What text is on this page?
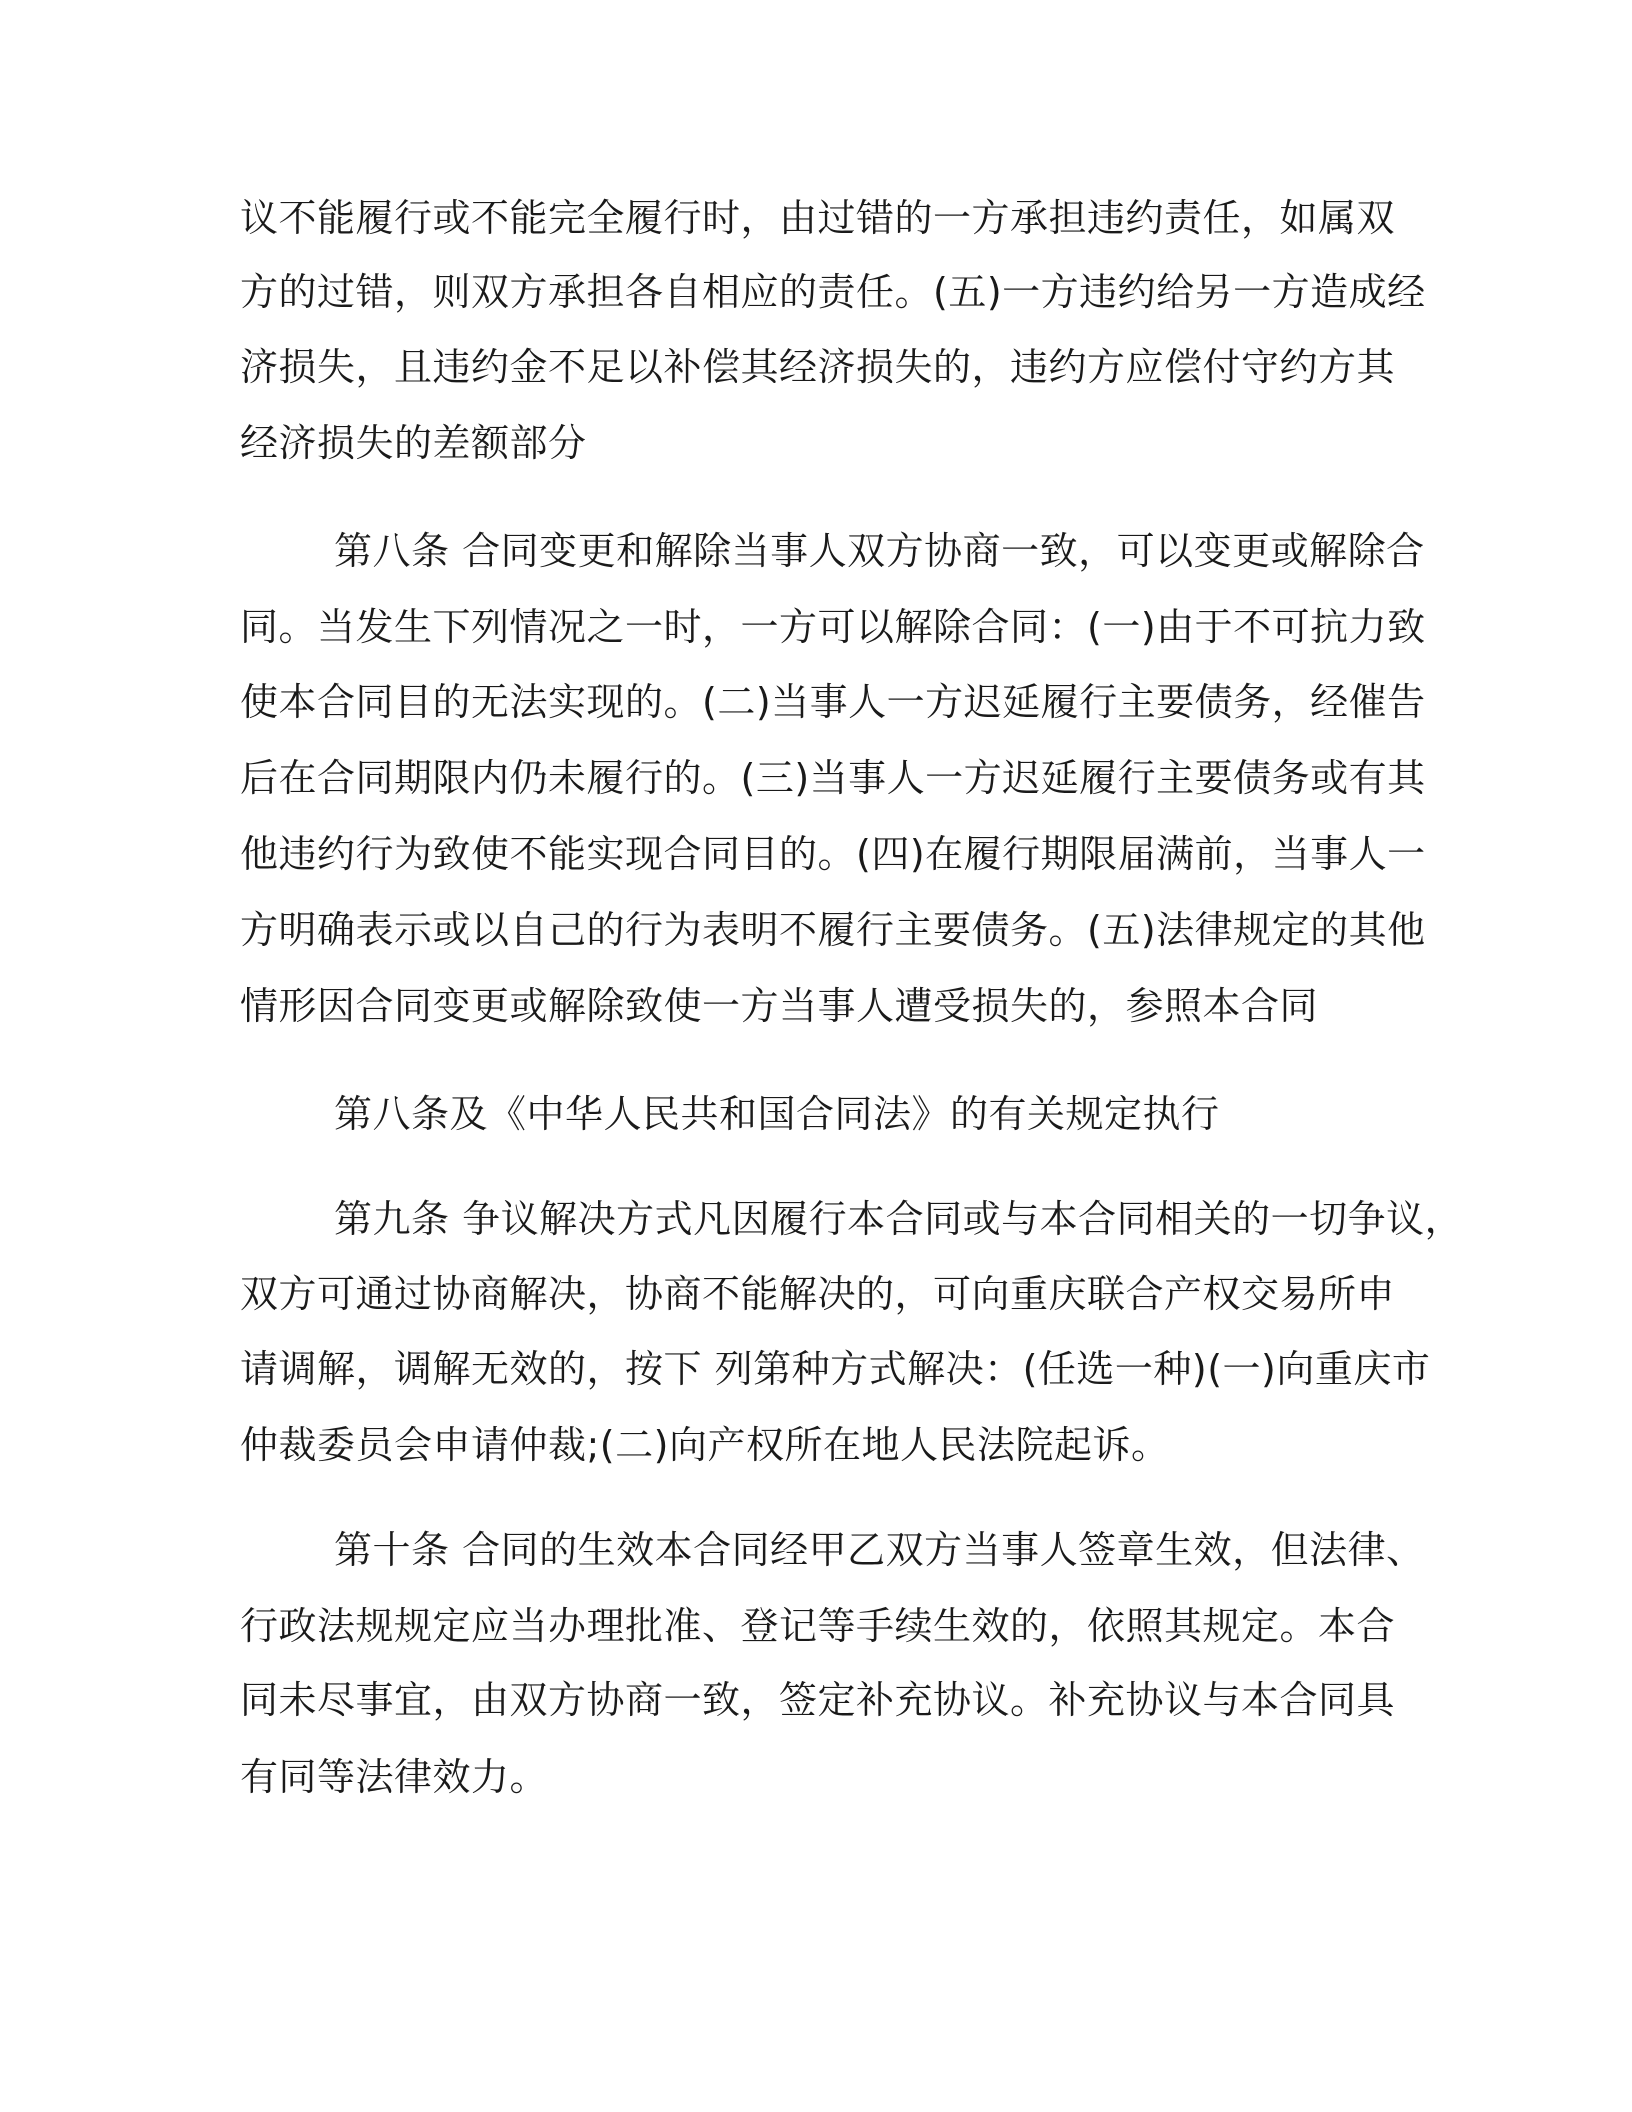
议不能履行或不能完全履行时，由过错的一方承担违约责任，如属双
方的过错，则双方承担各自相应的责任。(五)一方违约给另一方造成经
济损失，且违约金不足以补偿其经济损失的，违约方应偿付守约方其
经济损失的差额部分
第八条 合同变更和解除当事人双方协商一致，可以变更或解除合
同。当发生下列情况之一时，一方可以解除合同：(一)由于不可抗力致
使本合同目的无法实现的。(二)当事人一方迟延履行主要债务，经催告
后在合同期限内仍未履行的。(三)当事人一方迟延履行主要债务或有其
他违约行为致使不能实现合同目的。(四)在履行期限届满前，当事人一
方明确表示或以自己的行为表明不履行主要债务。(五)法律规定的其他
情形因合同变更或解除致使一方当事人遭受损失的，参照本合同
第八条及《中华人民共和国合同法》的有关规定执行
第九条 争议解决方式凡因履行本合同或与本合同相关的一切争议，
双方可通过协商解决，协商不能解决的，可向重庆联合产权交易所申
请调解，调解无效的，按下 列第种方式解决：(任选一种)(一)向重庆市
仲裁委员会申请仲裁;(二)向产权所在地人民法院起诉。
第十条 合同的生效本合同经甲乙双方当事人签章生效，但法律、
行政法规规定应当办理批准、登记等手续生效的，依照其规定。本合
同未尽事宜，由双方协商一致，签定补充协议。补充协议与本合同具
有同等法律效力。
